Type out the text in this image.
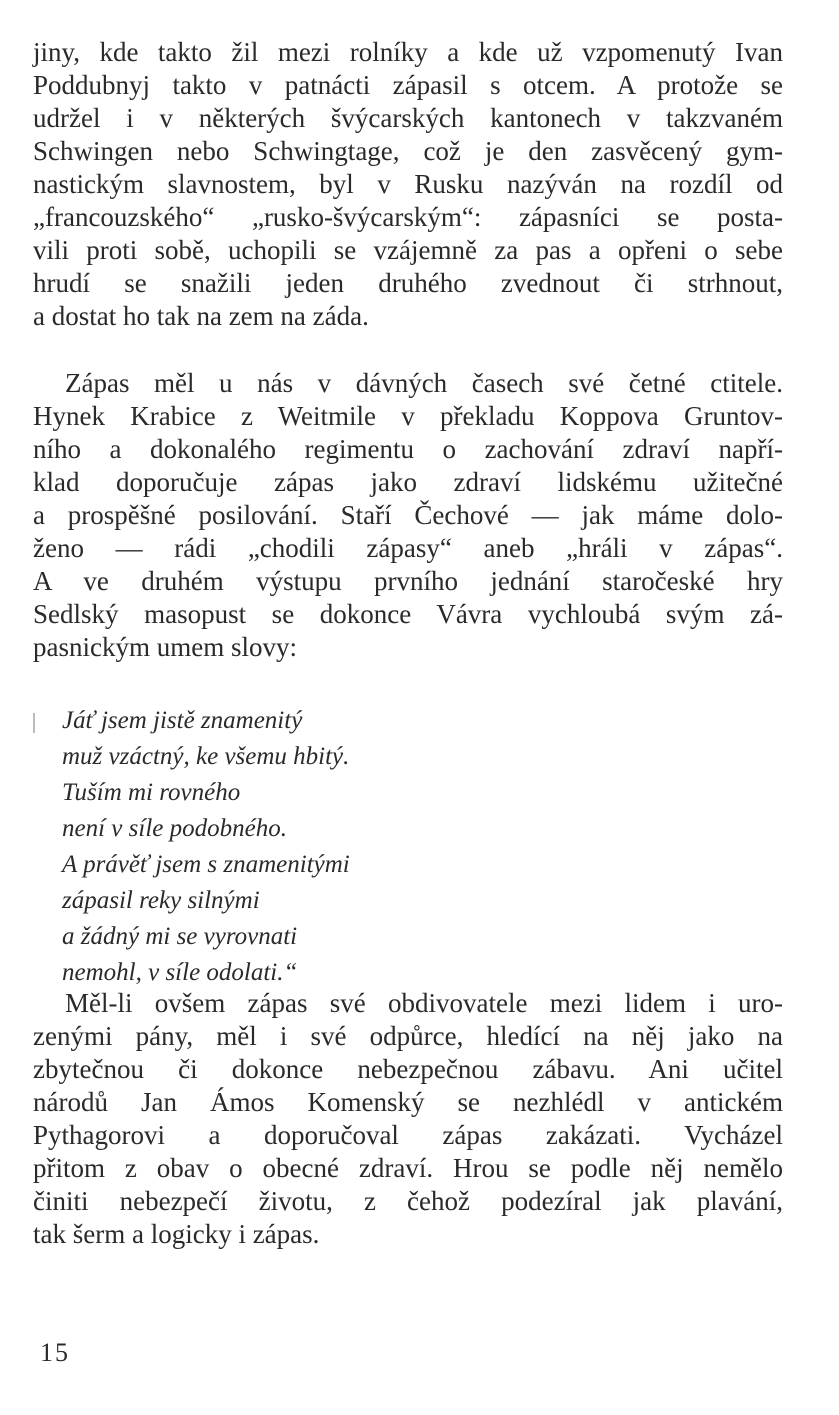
jiny, kde takto žil mezi rolníky a kde už vzpomenutý Ivan
Poddubnyj takto v patnácti zápasil s otcem. A protože se
udržel i v některých švýcarských kantonech v takzvaném
Schwingen nebo Schwingtage, což je den zasvěcený gym-
nastickým slavnostem, byl v Rusku nazýván na rozdíl od
„francouzského“ „rusko-švýcarským“: zápasníci se posta-
vili proti sobě, uchopili se vzájemně za pas a opřeni o sebe
hrudí se snažili jeden druhého zvednout či strhnout,
a dostat ho tak na zem na záda.
Zápas měl u nás v dávných časech své četné ctitele.
Hynek Krabice z Weitmile v překladu Koppova Gruntov-
ního a dokonalého regimentu o zachování zdraví napří-
klad doporučuje zápas jako zdraví lidskému užitečné
a prospěšné posilování. Staří Čechové — jak máme dolo-
ženo — rádi „chodili zápasy“ aneb „hráli v zápas“.
A ve druhém výstupu prvního jednání staročeské hry
Sedlský masopust se dokonce Vávra vychloubá svým zá-
pasnickým umem slovy:
Jáť jsem jistě znamenitý
muž vzáctný, ke všemu hbitý.
Tuším mi rovného
není v síle podobného.
A právěť jsem s znamenitými
zápasil reky silnými
a žádný mi se vyrovnati
nemohl, v síle odolati.“
Měl-li ovšem zápas své obdivovatele mezi lidem i uro-
zenými pány, měl i své odpůrce, hledící na něj jako na
zbytečnou či dokonce nebezpečnou zábavu. Ani učitel
národů Jan Ámos Komenský se nezhlédl v antickém
Pythagorovi a doporučoval zápas zakázati. Vycházel
přitom z obav o obecné zdraví. Hrou se podle něj nemělo
činiti nebezpečí životu, z čehož podezíral jak plavání,
tak šerm a logicky i zápas.
15
